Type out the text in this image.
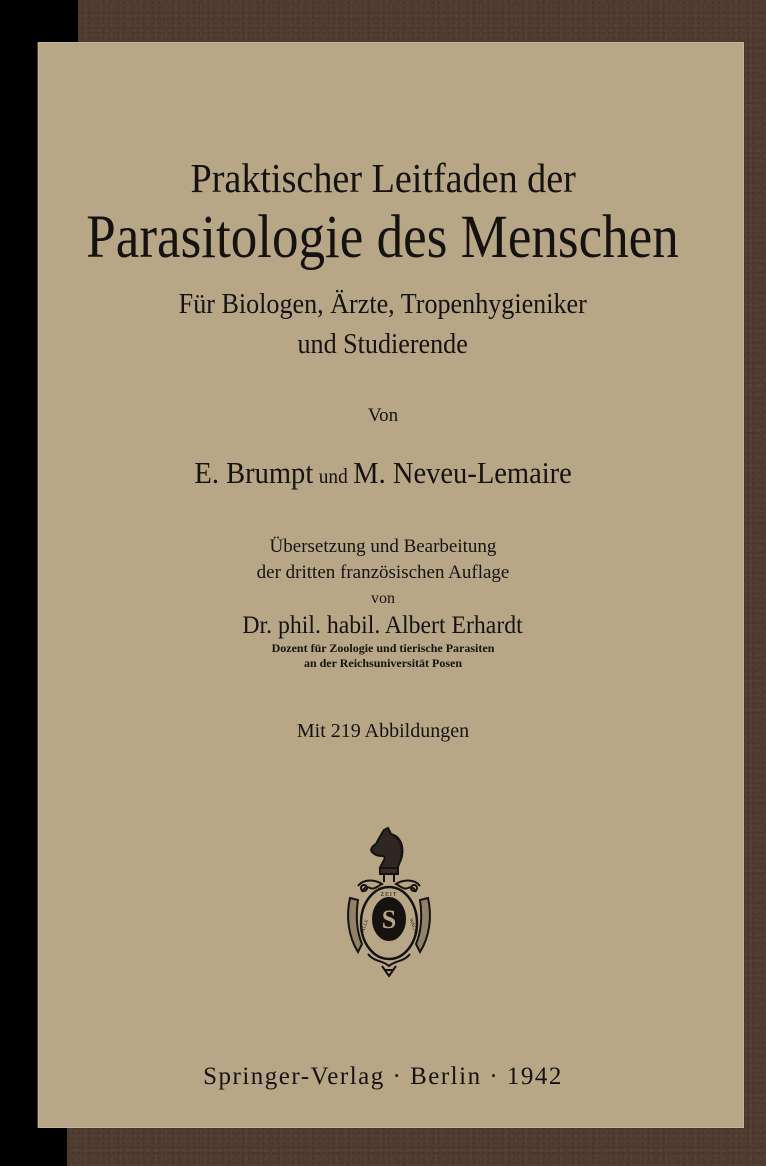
Praktischer Leitfaden der
Parasitologie des Menschen
Für Biologen, Ärzte, Tropenhygieniker
und Studierende
Von
E. Brumpt und M. Neveu-Lemaire
Übersetzung und Bearbeitung
der dritten französischen Auflage
von
Dr. phil. habil. Albert Erhardt
Dozent für Zoologie und tierische Parasiten
an der Reichsuniversität Posen
Mit 219 Abbildungen
S
ZEIT
ALLE	WACH
Springer-Verlag · Berlin · 1942
